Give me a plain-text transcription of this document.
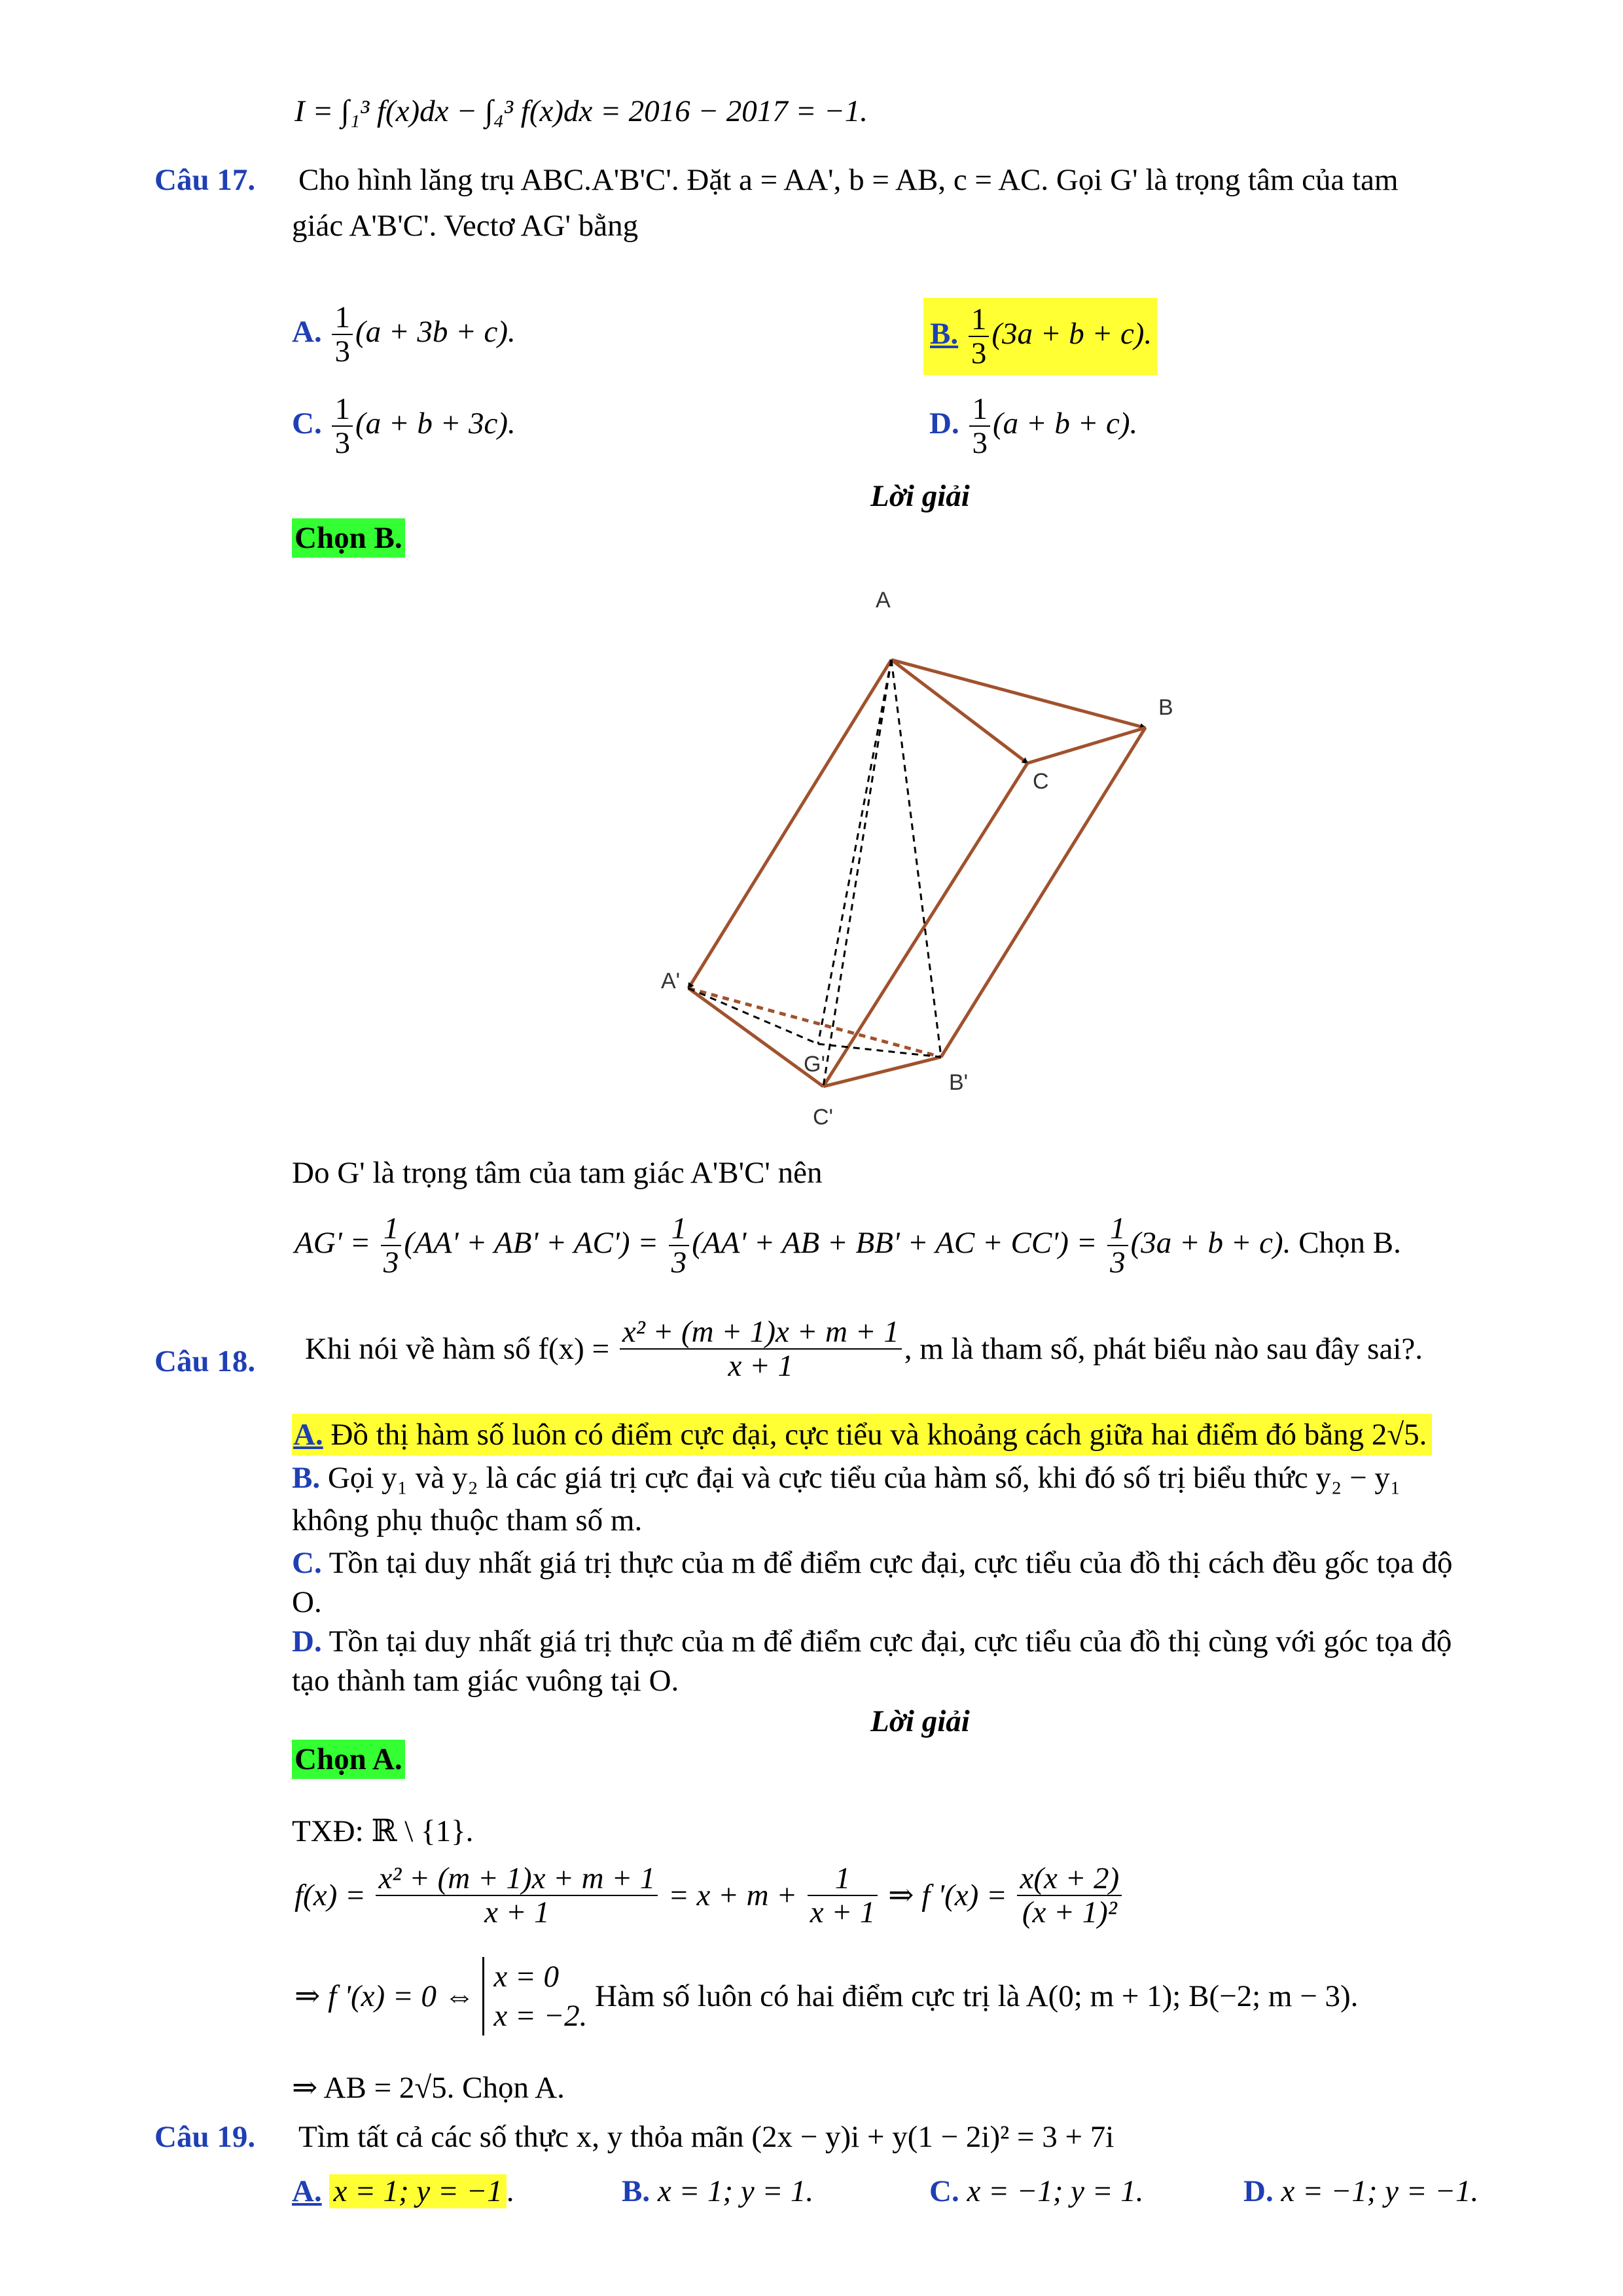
I = ∫₁³ f(x)dx − ∫₄³ f(x)dx = 2016 − 2017 = −1.
Câu 17. Cho hình lăng trụ ABC.A'B'C'. Đặt a = AA', b = AB, c = AC. Gọi G' là trọng tâm của tam
giác A'B'C'. Vectơ AG' bằng
A. $\frac{1}{3} (a + 3b + c)$.	B. $\frac{1}{3} (3a + b + c)$.
C. $\frac{1}{3} (a + b + 3c)$.	D. $\frac{1}{3} (a + b + c)$.
Lời giải
Chọn B.
A
B
C
A'
B'
C'
G'
Do G' là trọng tâm của tam giác A'B'C' nên
$AG' = \frac{1}{3} (AA' + AB' + AC') = \frac{1}{3} (AA'$ + AB + BB' + AC + $CC') = \frac{1}{3} (3a + b + c)$. Chọn B.
Câu 18. Khi nói về hàm số $f(x) = \frac{\text{x² + (m + 1)x + m + 1}}{x + 1}$ , m là tham số, phát biểu nào sau đây sai?.
A. Đồ thị hàm số luôn có điểm cực đại, cực tiểu và khoảng cách giữa hai điểm đó bằng 2√5.
B. Gọi y₁ và y₂ là các giá trị cực đại và cực tiểu của hàm số, khi đó số trị biểu thức y₂ − y₁
không phụ thuộc tham số m.
C. Tồn tại duy nhất giá trị thực của m để điểm cực đại, cực tiểu của đồ thị cách đều gốc tọa độ
O.
D. Tồn tại duy nhất giá trị thực của m để điểm cực đại, cực tiểu của đồ thị cùng với góc tọa độ
tạo thành tam giác vuông tại O.
Lời giải
Chọn A.
TXĐ: ℝ \ {1}.
$f(x) = \frac{\text{x² + (m + 1)x + m + 1}}{x + 1} = x + m + \frac{1}{x + 1}$ ⇒ f '$(x) = \frac{x(x + 2)}{\text{(x + 1)²}}$
⇒ f '(x) = 0 ⇔
x = 0
x = −2.
Hàm số luôn có hai điểm cực trị là A(0; m + 1); B(−2; m − 3).
⇒ AB = 2√5. Chọn A.
Câu 19. Tìm tất cả các số thực x, y thỏa mãn (2x − y)i + y(1 − 2i)² = 3 + 7i
A. x = 1; y = −1 .	B. x = 1; y = 1.	C. x = −1; y = 1.	D. x = −1; y = −1.
